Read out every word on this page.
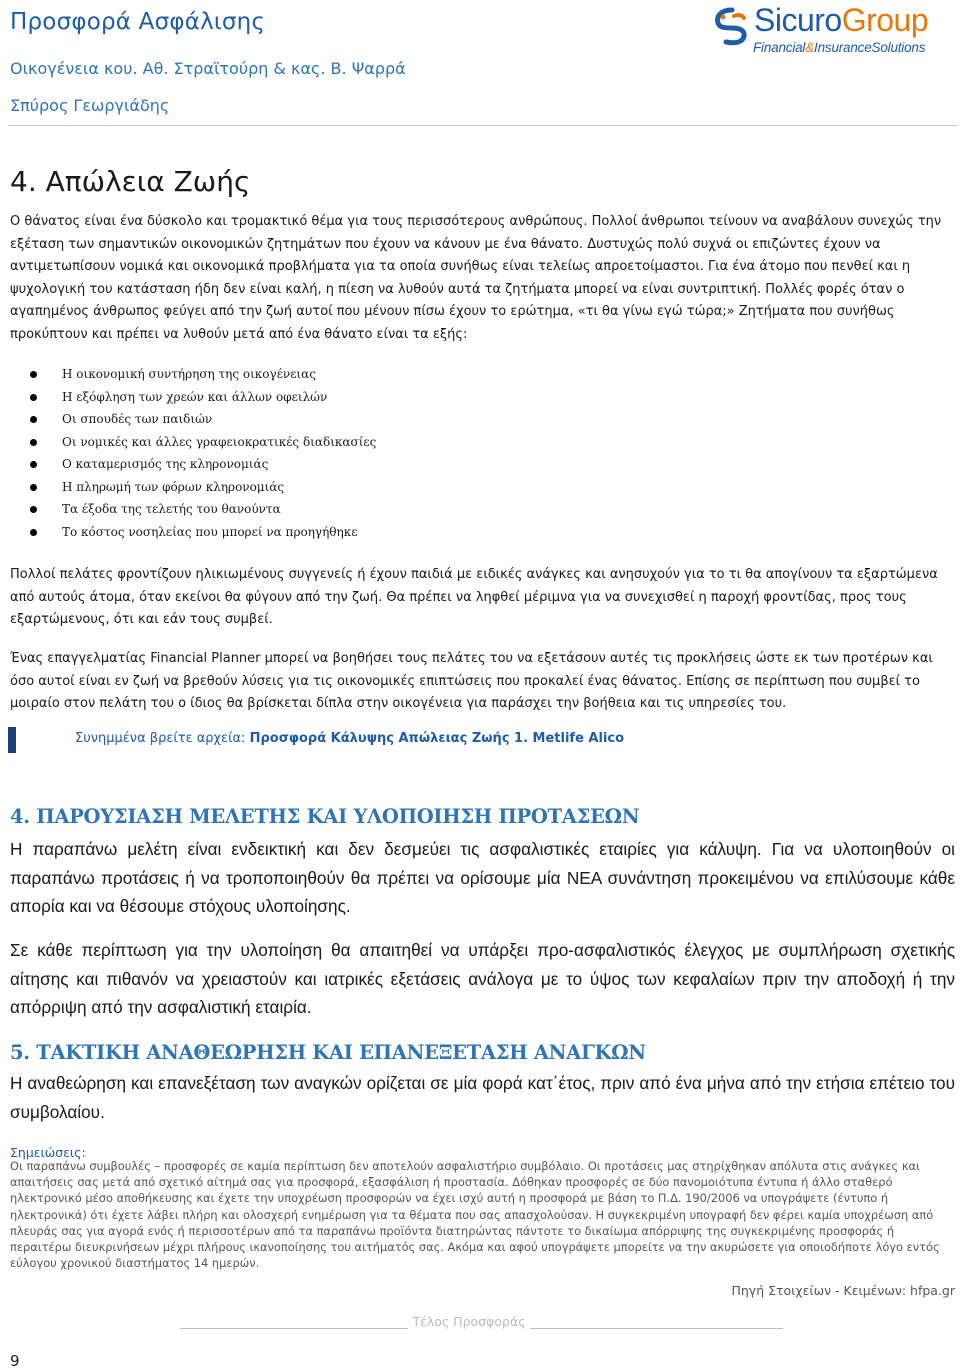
Προσφορά Ασφάλισης
Οικογένεια κου. Αθ. Στραϊτούρη & κας. Β. Ψαρρά
Σπύρος Γεωργιάδης
SicuroGroup
Financial&InsuranceSolutions
4. Απώλεια Ζωής

Ο θάνατος είναι ένα δύσκολο και τρομακτικό θέμα για τους περισσότερους ανθρώπους. Πολλοί άνθρωποι τείνουν να αναβάλουν συνεχώς την εξέταση των σημαντικών οικονομικών ζητημάτων που έχουν να κάνουν με ένα θάνατο. Δυστυχώς πολύ συχνά οι επιζώντες έχουν να αντιμετωπίσουν νομικά και οικονομικά προβλήματα για τα οποία συνήθως είναι τελείως απροετοίμαστοι. Για ένα άτομο που πενθεί και η ψυχολογική του κατάσταση ήδη δεν είναι καλή, η πίεση να λυθούν αυτά τα ζητήματα μπορεί να είναι συντριπτική. Πολλές φορές όταν ο αγαπημένος άνθρωπος φεύγει από την ζωή αυτοί που μένουν πίσω έχουν το ερώτημα, «τι θα γίνω εγώ τώρα;» Ζητήματα που συνήθως προκύπτουν και πρέπει να λυθούν μετά από ένα θάνατο είναι τα εξής:

Η οικονομική συντήρηση της οικογένειας
Η εξόφληση των χρεών και άλλων οφειλών
Οι σπουδές των παιδιών
Οι νομικές και άλλες γραφειοκρατικές διαδικασίες
Ο καταμερισμός της κληρονομιάς
Η πληρωμή των φόρων κληρονομιάς
Τα έξοδα της τελετής του θανούντα
Το κόστος νοσηλείας που μπορεί να προηγήθηκε

Πολλοί πελάτες φροντίζουν ηλικιωμένους συγγενείς ή έχουν παιδιά με ειδικές ανάγκες και ανησυχούν για το τι θα απογίνουν τα εξαρτώμενα από αυτούς άτομα, όταν εκείνοι θα φύγουν από την ζωή. Θα πρέπει να ληφθεί μέριμνα για να συνεχισθεί η παροχή φροντίδας, προς τους εξαρτώμενους, ότι και εάν τους συμβεί.

Ένας επαγγελματίας Financial Planner μπορεί να βοηθήσει τους πελάτες του να εξετάσουν αυτές τις προκλήσεις ώστε εκ των προτέρων και όσο αυτοί είναι εν ζωή να βρεθούν λύσεις για τις οικονομικές επιπτώσεις που προκαλεί ένας θάνατος. Επίσης σε περίπτωση που συμβεί το μοιραίο στον πελάτη του ο ίδιος θα βρίσκεται δίπλα στην οικογένεια για παράσχει την βοήθεια και τις υπηρεσίες του.

Συνημμένα βρείτε αρχεία: Προσφορά Κάλυψης Απώλειας Ζωής 1. Metlife Alico
4. ΠΑΡΟΥΣΙΑΣΗ ΜΕΛΕΤΗΣ ΚΑΙ ΥΛΟΠΟΙΗΣΗ ΠΡΟΤΑΣΕΩΝ

Η παραπάνω μελέτη είναι ενδεικτική και δεν δεσμεύει τις ασφαλιστικές εταιρίες για κάλυψη. Για να υλοποιηθούν οι παραπάνω προτάσεις ή να τροποποιηθούν θα πρέπει να ορίσουμε μία ΝΕΑ συνάντηση προκειμένου να επιλύσουμε κάθε απορία και να θέσουμε στόχους υλοποίησης.

Σε κάθε περίπτωση για την υλοποίηση θα απαιτηθεί να υπάρξει προ-ασφαλιστικός έλεγχος με συμπλήρωση σχετικής αίτησης και πιθανόν να χρειαστούν και ιατρικές εξετάσεις ανάλογα με το ύψος των κεφαλαίων πριν την αποδοχή ή την απόρριψη από την ασφαλιστική εταιρία.

5. ΤΑΚΤΙΚΗ ΑΝΑΘΕΩΡΗΣΗ ΚΑΙ ΕΠΑΝΕΞΕΤΑΣΗ ΑΝΑΓΚΩΝ

Η αναθεώρηση και επανεξέταση των αναγκών ορίζεται σε μία φορά κατ΄έτος, πριν από ένα μήνα από την ετήσια επέτειο του συμβολαίου.

Σημειώσεις:

Οι παραπάνω συμβουλές – προσφορές σε καμία περίπτωση δεν αποτελούν ασφαλιστήριο συμβόλαιο. Οι προτάσεις μας στηρίχθηκαν απόλυτα στις ανάγκες και απαιτήσεις σας μετά από σχετικό αίτημά σας για προσφορά, εξασφάλιση ή προστασία. Δόθηκαν προσφορές σε δύο πανομοιότυπα έντυπα ή άλλο σταθερό ηλεκτρονικό μέσο αποθήκευσης και έχετε την υποχρέωση προσφορών να έχει ισχύ αυτή η προσφορά με βάση το Π.Δ. 190/2006 να υπογράψετε (έντυπο ή ηλεκτρονικά) ότι έχετε λάβει πλήρη και ολοσχερή ενημέρωση για τα θέματα που σας απασχολούσαν. Η συγκεκριμένη υπογραφή δεν φέρει καμία υποχρέωση από πλευράς σας για αγορά ενός ή περισσοτέρων από τα παραπάνω προϊόντα διατηρώντας πάντοτε το δικαίωμα απόρριψης της συγκεκριμένης προσφοράς ή περαιτέρω διευκρινήσεων μέχρι πλήρους ικανοποίησης του αιτήματός σας. Ακόμα και αφού υπογράψετε μπορείτε να την ακυρώσετε για οποιοδήποτε λόγο εντός εύλογου χρονικού διαστήματος 14 ημερών.

Πηγή Στοιχείων - Κειμένων: hfpa.gr
Τέλος Προσφοράς
9
